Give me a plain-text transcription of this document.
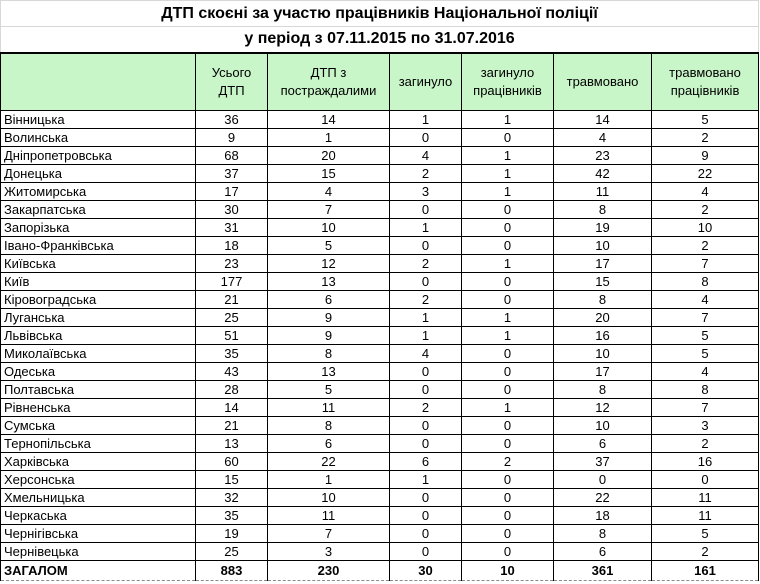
ДТП скоєні за участю працівників Національної поліції						
у період з 07.11.2015 по 31.07.2016						
	Усього ДТП	ДТП з постраждалими	загинуло	загинуло працівників	травмовано	травмовано працівників
Вінницька	36	14	1	1	14	5
Волинська	9	1	0	0	4	2
Дніпропетровська	68	20	4	1	23	9
Донецька	37	15	2	1	42	22
Житомирська	17	4	3	1	11	4
Закарпатська	30	7	0	0	8	2
Запорізька	31	10	1	0	19	10
Івано-Франківська	18	5	0	0	10	2
Київська	23	12	2	1	17	7
Київ	177	13	0	0	15	8
Кіровоградська	21	6	2	0	8	4
Луганська	25	9	1	1	20	7
Львівська	51	9	1	1	16	5
Миколаївська	35	8	4	0	10	5
Одеська	43	13	0	0	17	4
Полтавська	28	5	0	0	8	8
Рівненська	14	11	2	1	12	7
Сумська	21	8	0	0	10	3
Тернопільська	13	6	0	0	6	2
Харківська	60	22	6	2	37	16
Херсонська	15	1	1	0	0	0
Хмельницька	32	10	0	0	22	11
Черкаська	35	11	0	0	18	11
Чернігівська	19	7	0	0	8	5
Чернівецька	25	3	0	0	6	2
ЗАГАЛОМ	883	230	30	10	361	161
